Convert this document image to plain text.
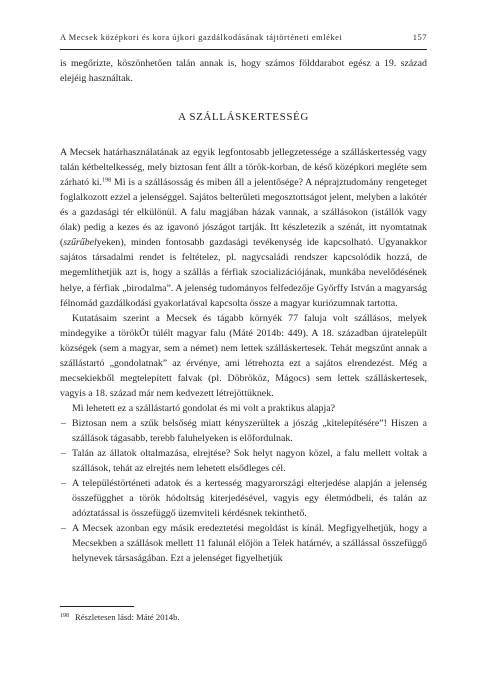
A Mecsek középkori és kora újkori gazdálkodásának tájtörténeti emlékei	157

is megőrizte, köszönhetően talán annak is, hogy számos földdarabot egész a 19. század elejéig használtak.

A SZÁLLÁSKERTESSÉG

A Mecsek határhasználatának az egyik legfontosabb jellegzetessége a szálláskertesség vagy talán kétbeltelkesség, mely biztosan fent állt a török-korban, de késő középkori megléte sem zárható ki.$^{198}$ Mi is a szállásosság és miben áll a jelentősége? A néprajztudomány rengeteget foglalkozott ezzel a jelenséggel. Sajátos belterületi megosztottságot jelent, melyben a lakótér és a gazdasági tér elkülönül. A falu magjában házak vannak, a szállásokon (istállók vagy ólak) pedig a kezes és az igavonó jószágot tartják. Itt készletezik a szénát, itt nyomtatnak (szűrűbelyeken), minden fontosabb gazdasági tevékenység ide kapcsolható. Ugyanakkor sajátos társadalmi rendet is feltételez, pl. nagycsaládi rendszer kapcsolódik hozzá, de megemlíthetjük azt is, hogy a szállás a férfiak szocializációjának, munkába nevelődésének helye, a férfiak „birodalma”. A jelenség tudományos felfedezője Győrffy István a magyarság félnomád gazdálkodási gyakorlatával kapcsolta össze a magyar kuriózumnak tartotta.

Kutatásaim szerint a Mecsek és tágabb környék 77 faluja volt szállásos, melyek mindegyike a törökÖt túlélt magyar falu (Máté 2014b: 449). A 18. században újratelepült községek (sem a magyar, sem a német) nem lettek szálláskertesek. Tehát megszűnt annak a szállástartó „gondolatnak” az érvénye, ami létrehozta ezt a sajátos elrendezést. Még a mecsekiekből megtelepített falvak (pl. Döbrököz, Mágocs) sem lettek szálláskertesek, vagyis a 18. század már nem kedvezett létrejöttüknek.

Mi lehetett ez a szállástartó gondolat és mi volt a praktikus alapja?

– Biztosan nem a szűk belsőség miatt kényszerültek a jószág „kitelepítésére”! Hiszen a szállások tágasabb, terebb faluhelyeken is előfordulnak.
– Talán az állatok oltalmazása, elrejtése? Sok helyt nagyon közel, a falu mellett voltak a szállások, tehát az elrejtés nem lehetett elsődleges cél.
– A településtörténeti adatok és a kertesség magyarországi elterjedése alapján a jelenség összefügghet a török hódoltság kiterjedésével, vagyis egy életmódbeli, és talán az adóztatással is összefüggő üzemviteli kérdésnek tekinthető.
– A Mecsek azonban egy másik eredeztetési megoldást is kínál. Megfigyelhetjük, hogy a Mecsekben a szállások mellett 11 falunál előjön a Telek határnév, a szállással összefüggő helynevek társaságában. Ezt a jelenséget figyelhetjük
$^{198}$ Részletesen lásd: Máté 2014b.
